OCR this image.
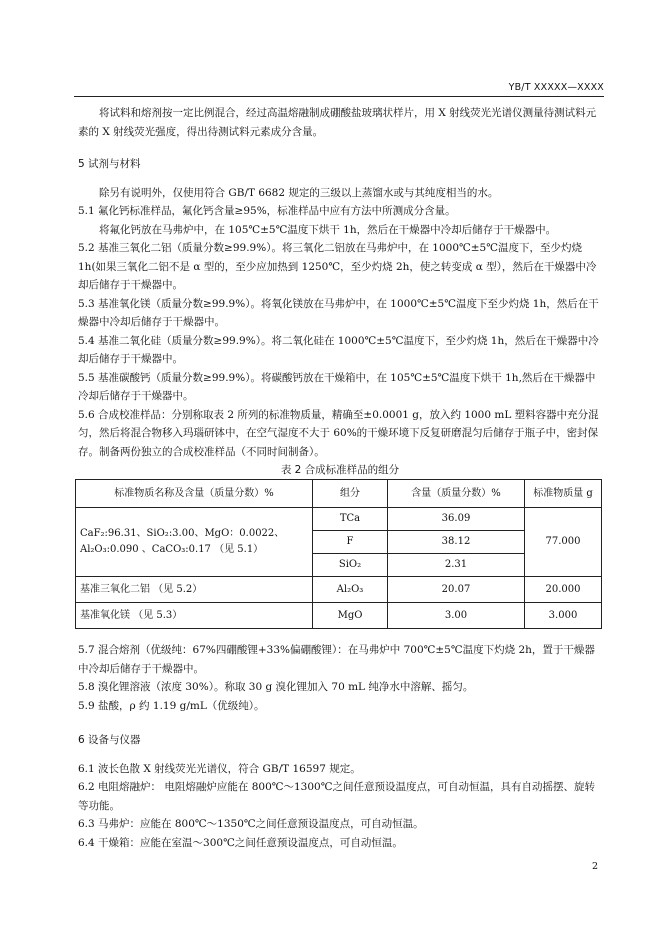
YB/T XXXXX—XXXX

将试料和熔剂按一定比例混合，经过高温熔融制成硼酸盐玻璃状样片，用 X 射线荧光光谱仪测量待测试料元素的 X 射线荧光强度，得出待测试料元素成分含量。

5 试剂与材料

除另有说明外，仅使用符合 GB/T 6682 规定的三级以上蒸馏水或与其纯度相当的水。

5.1 氟化钙标准样品，氟化钙含量≥95%，标准样品中应有方法中所测成分含量。

将氟化钙放在马弗炉中，在 105℃±5℃温度下烘干 1h，然后在干燥器中冷却后储存于干燥器中。

5.2 基准三氧化二铝（质量分数≥99.9%）。将三氧化二铝放在马弗炉中，在 1000℃±5℃温度下，至少灼烧 1h(如果三氧化二铝不是 α 型的，至少应加热到 1250℃，至少灼烧 2h，使之转变成 α 型），然后在干燥器中冷却后储存于干燥器中。

5.3 基准氧化镁（质量分数≥99.9%）。将氧化镁放在马弗炉中，在 1000℃±5℃温度下至少灼烧 1h，然后在干燥器中冷却后储存于干燥器中。

5.4 基准二氧化硅（质量分数≥99.9%）。将二氧化硅在 1000℃±5℃温度下，至少灼烧 1h，然后在干燥器中冷却后储存于干燥器中。

5.5 基准碳酸钙（质量分数≥99.9%）。将碳酸钙放在干燥箱中，在 105℃±5℃温度下烘干 1h,然后在干燥器中冷却后储存于干燥器中。

5.6 合成校准样品：分别称取表 2 所列的标准物质量，精确至±0.0001 g，放入约 1000 mL 塑料容器中充分混匀，然后将混合物移入玛瑙研钵中，在空气湿度不大于 60%的干燥环境下反复研磨混匀后储存于瓶子中，密封保存。制备两份独立的合成校准样品（不同时间制备）。

表 2 合成标准样品的组分
标准物质名称及含量（质量分数）%	组分	含量（质量分数）%	标准物质量 g

CaF₂:96.31、SiO₂:3.00、MgO：0.0022、
Al₂O₃:0.090 、CaCO₃:0.17 （见 5.1）	TCa	36.09	77.000
	F	38.12	
	SiO₂	2.31	
基准三氧化二铝 （见 5.2）	Al₂O₃	20.07	20.000
基准氧化镁 （见 5.3）	MgO	3.00	3.000

5.7 混合熔剂（优级纯：67%四硼酸锂+33%偏硼酸锂）：在马弗炉中 700℃±5℃温度下灼烧 2h，置于干燥器中冷却后储存于干燥器中。

5.8 溴化锂溶液（浓度 30%）。称取 30 g 溴化锂加入 70 mL 纯净水中溶解、摇匀。

5.9 盐酸，ρ 约 1.19 g/mL（优级纯）。

6 设备与仪器

6.1 波长色散 X 射线荧光光谱仪，符合 GB/T 16597 规定。

6.2 电阻熔融炉： 电阻熔融炉应能在 800℃～1300℃之间任意预设温度点，可自动恒温，具有自动摇摆、旋转等功能。

6.3 马弗炉：应能在 800℃～1350℃之间任意预设温度点，可自动恒温。

6.4 干燥箱：应能在室温～300℃之间任意预设温度点，可自动恒温。

2
